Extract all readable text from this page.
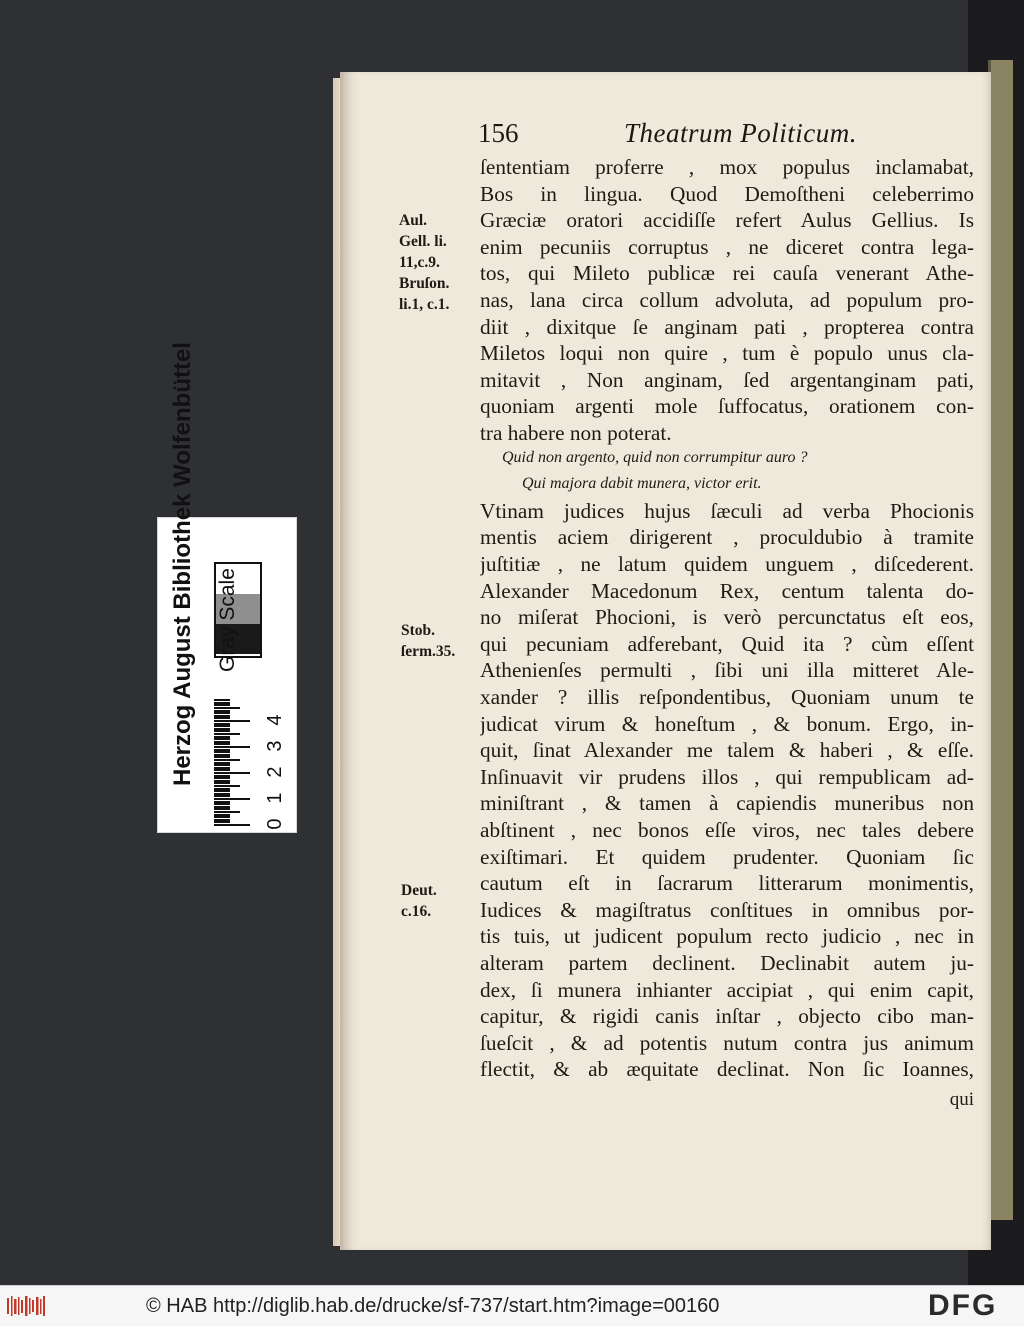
156	Theatrum Politicum.
ſententiam proferre , mox populus inclamabat,
Bos in lingua. Quod Demoſtheni celeberrimo
Græciæ oratori accidiſſe refert Aulus Gellius. Is
enim pecuniis corruptus , ne diceret contra lega-
tos, qui Mileto publicæ rei cauſa venerant Athe-
nas, lana circa collum advoluta, ad populum pro-
diit , dixitque ſe anginam pati , propterea contra
Miletos loqui non quire , tum è populo unus cla-
mitavit , Non anginam, ſed argentanginam pati,
quoniam argenti mole ſuffocatus, orationem con-
tra habere non poterat.
Quid non argento, quid non corrumpitur auro ?
Qui majora dabit munera, victor erit.
Vtinam judices hujus ſæculi ad verba Phocionis
mentis aciem dirigerent , proculdubio à tramite
juſtitiæ , ne latum quidem unguem , diſcederent.
Alexander Macedonum Rex, centum talenta do-
no miſerat Phocioni, is verò percunctatus eſt eos,
qui pecuniam adferebant, Quid ita ? cùm eſſent
Athenienſes permulti , ſibi uni illa mitteret Ale-
xander ? illis reſpondentibus, Quoniam unum te
judicat virum & honeſtum , & bonum. Ergo, in-
quit, ſinat Alexander me talem & haberi , & eſſe.
Inſinuavit vir prudens illos , qui rempublicam ad-
miniſtrant , & tamen à capiendis muneribus non
abſtinent , nec bonos eſſe viros, nec tales debere
exiſtimari. Et quidem prudenter. Quoniam ſic
cautum eſt in ſacrarum litterarum monimentis,
Iudices & magiſtratus conſtitues in omnibus por-
tis tuis, ut judicent populum recto judicio , nec in
alteram partem declinent. Declinabit autem ju-
dex, ſi munera inhianter accipiat , qui enim capit,
capitur, & rigidi canis inſtar , objecto cibo man-
ſueſcit , & ad potentis nutum contra jus animum
flectit, & ab æquitate declinat. Non ſic Ioannes,
qui
Aul.
Gell. li.
11,c.9.
Bruſon.
li.1, c.1.
Stob.
ſerm.35.
Deut.
c.16.
Herzog August Bibliothek Wolfenbüttel Gray Scale
0
1
2
3
4
© HAB http://diglib.hab.de/drucke/sf-737/start.htm?image=00160	DFG
